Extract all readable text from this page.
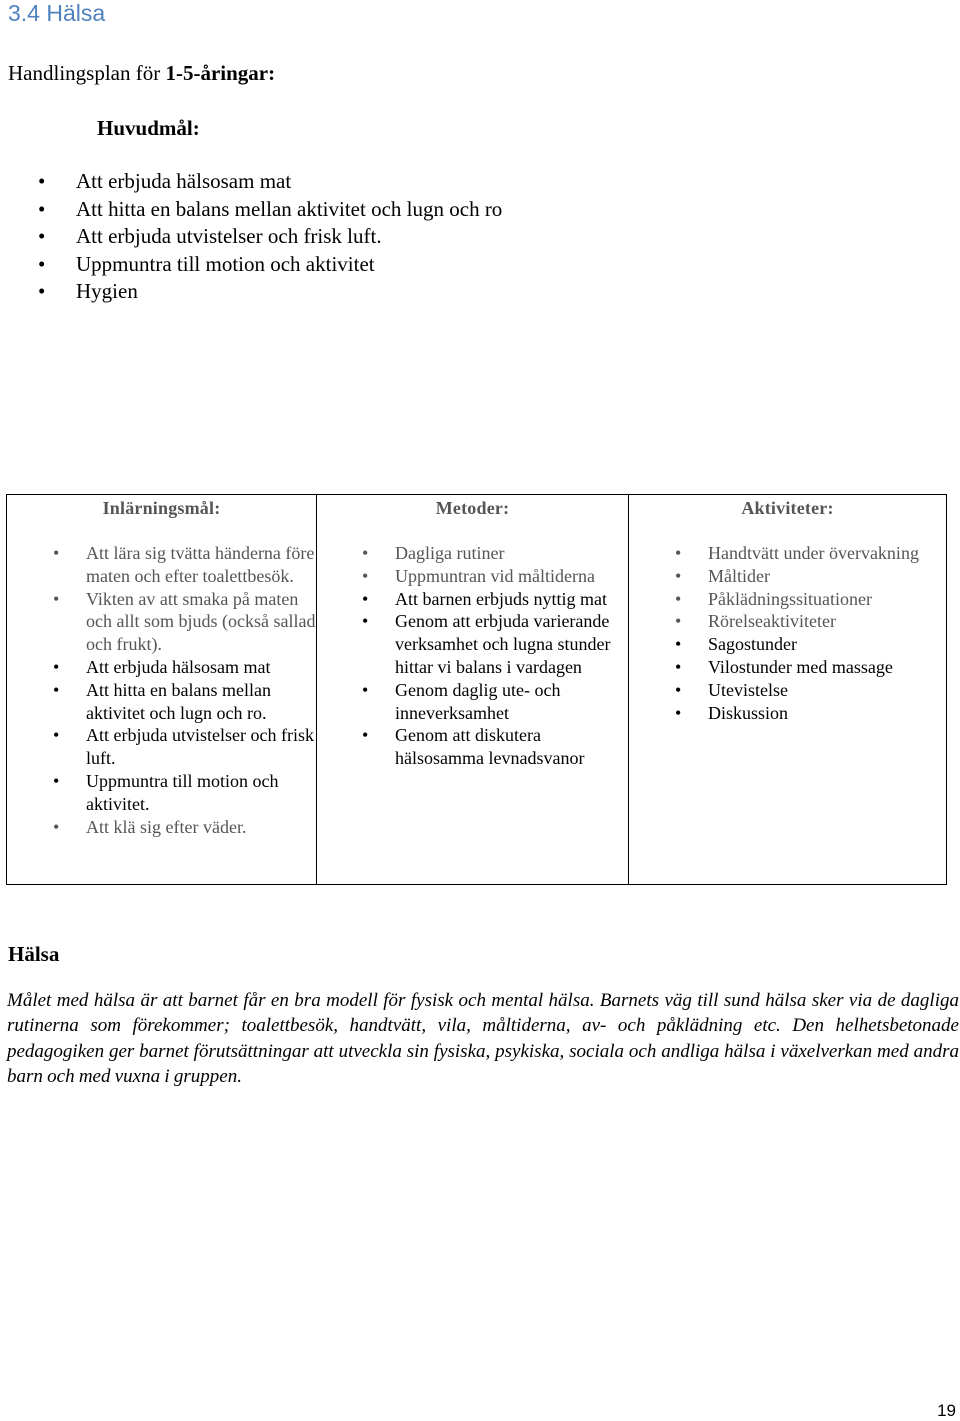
3.4 Hälsa
Handlingsplan för 1-5-åringar:
Huvudmål:
• Att erbjuda hälsosam mat
• Att hitta en balans mellan aktivitet och lugn och ro
• Att erbjuda utvistelser och frisk luft.
• Uppmuntra till motion och aktivitet
• Hygien
Inlärningsmål:
• Att lära sig tvätta händerna före maten och efter toalettbesök.
• Vikten av att smaka på maten och allt som bjuds (också sallad och frukt).
• Att erbjuda hälsosam mat
• Att hitta en balans mellan aktivitet och lugn och ro.
• Att erbjuda utvistelser och frisk luft.
• Uppmuntra till motion och aktivitet.
• Att klä sig efter väder.
Metoder:
• Dagliga rutiner
• Uppmuntran vid måltiderna
• Att barnen erbjuds nyttig mat
• Genom att erbjuda varierande verksamhet och lugna stunder hittar vi balans i vardagen
• Genom daglig ute- och inneverksamhet
• Genom att diskutera hälsosamma levnadsvanor
Aktiviteter:
• Handtvätt under övervakning
• Måltider
• Påklädningssituationer
• Rörelseaktiviteter
• Sagostunder
• Vilostunder med massage
• Utevistelse
• Diskussion
Hälsa
Målet med hälsa är att barnet får en bra modell för fysisk och mental hälsa. Barnets väg till sund hälsa sker via de dagliga rutinerna som förekommer; toalettbesök, handtvätt, vila, måltiderna, av- och påklädning etc. Den helhetsbetonade pedagogiken ger barnet förutsättningar att utveckla sin fysiska, psykiska, sociala och andliga hälsa i växelverkan med andra barn och med vuxna i gruppen.
19
